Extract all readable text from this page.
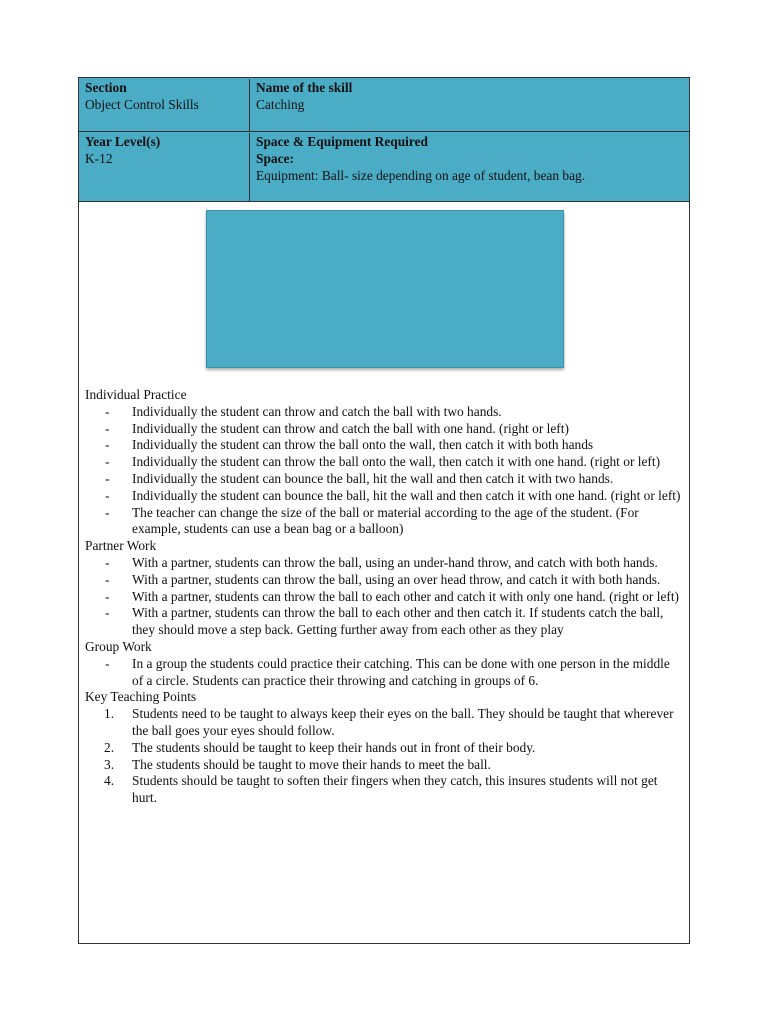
Section
Object Control Skills
Name of the skill
Catching
Year Level(s)
K-12
Space & Equipment Required
Space:
Equipment: Ball- size depending on age of student, bean bag.
Individual Practice
- Individually the student can throw and catch the ball with two hands.
- Individually the student can throw and catch the ball with one hand. (right or left)
- Individually the student can throw the ball onto the wall, then catch it with both hands
- Individually the student can throw the ball onto the wall, then catch it with one hand. (right or left)
- Individually the student can bounce the ball, hit the wall and then catch it with two hands.
- Individually the student can bounce the ball, hit the wall and then catch it with one hand. (right or left)
- The teacher can change the size of the ball or material according to the age of the student. (For example, students can use a bean bag or a balloon)
Partner Work
- With a partner, students can throw the ball, using an under-hand throw, and catch with both hands.
- With a partner, students can throw the ball, using an over head throw, and catch it with both hands.
- With a partner, students can throw the ball to each other and catch it with only one hand. (right or left)
- With a partner, students can throw the ball to each other and then catch it. If students catch the ball, they should move a step back. Getting further away from each other as they play
Group Work
- In a group the students could practice their catching. This can be done with one person in the middle of a circle. Students can practice their throwing and catching in groups of 6.
Key Teaching Points
1. Students need to be taught to always keep their eyes on the ball. They should be taught that wherever the ball goes your eyes should follow.
2. The students should be taught to keep their hands out in front of their body.
3. The students should be taught to move their hands to meet the ball.
4. Students should be taught to soften their fingers when they catch, this insures students will not get hurt.
